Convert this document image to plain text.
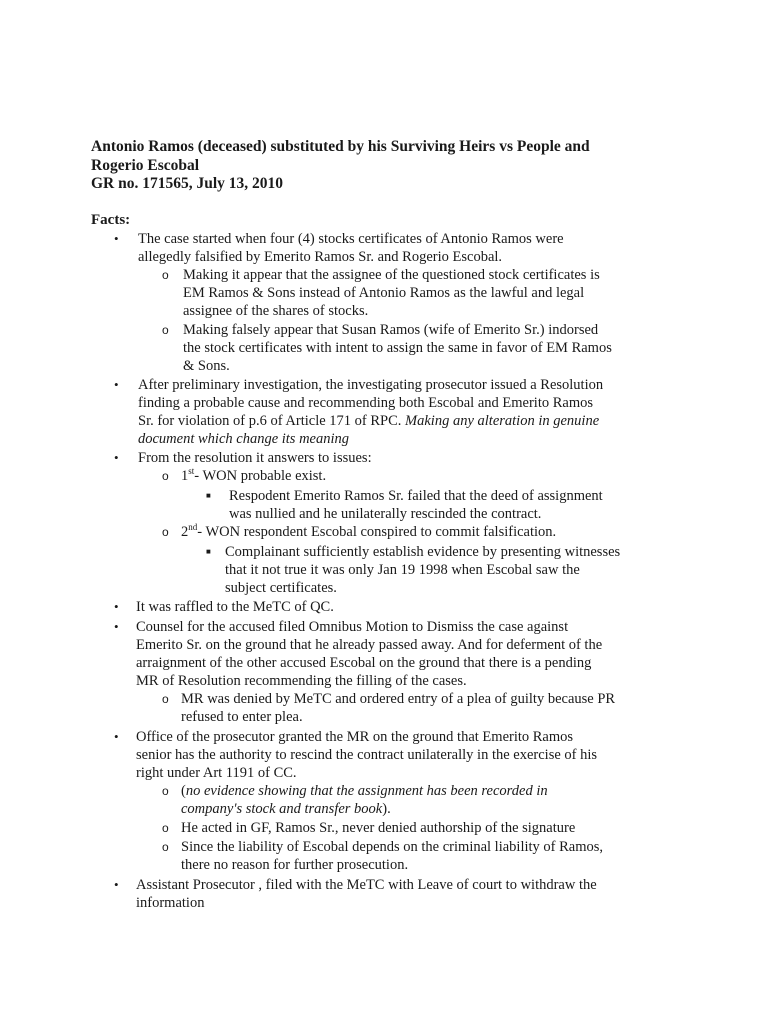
Antonio Ramos (deceased) substituted by his Surviving Heirs vs People and
Rogerio Escobal
GR no. 171565, July 13, 2010
Facts:
• The case started when four (4) stocks certificates of Antonio Ramos were
allegedly falsified by Emerito Ramos Sr. and Rogerio Escobal.
o Making it appear that the assignee of the questioned stock certificates is
EM Ramos & Sons instead of Antonio Ramos as the lawful and legal
assignee of the shares of stocks.
o Making falsely appear that Susan Ramos (wife of Emerito Sr.) indorsed
the stock certificates with intent to assign the same in favor of EM Ramos
& Sons.
• After preliminary investigation, the investigating prosecutor issued a Resolution
finding a probable cause and recommending both Escobal and Emerito Ramos
Sr. for violation of p.6 of Article 171 of RPC. Making any alteration in genuine
document which change its meaning
• From the resolution it answers to issues:
o 1st- WON probable exist.
■ Respodent Emerito Ramos Sr. failed that the deed of assignment
was nullied and he unilaterally rescinded the contract.
o 2nd- WON respondent Escobal conspired to commit falsification.
■ Complainant sufficiently establish evidence by presenting witnesses
that it not true it was only Jan 19 1998 when Escobal saw the
subject certificates.
• It was raffled to the MeTC of QC.
• Counsel for the accused filed Omnibus Motion to Dismiss the case against
Emerito Sr. on the ground that he already passed away. And for deferment of the
arraignment of the other accused Escobal on the ground that there is a pending
MR of Resolution recommending the filling of the cases.
o MR was denied by MeTC and ordered entry of a plea of guilty because PR
refused to enter plea.
• Office of the prosecutor granted the MR on the ground that Emerito Ramos
senior has the authority to rescind the contract unilaterally in the exercise of his
right under Art 1191 of CC.
o (no evidence showing that the assignment has been recorded in
company's stock and transfer book).
o He acted in GF, Ramos Sr., never denied authorship of the signature
o Since the liability of Escobal depends on the criminal liability of Ramos,
there no reason for further prosecution.
• Assistant Prosecutor , filed with the MeTC with Leave of court to withdraw the
information
